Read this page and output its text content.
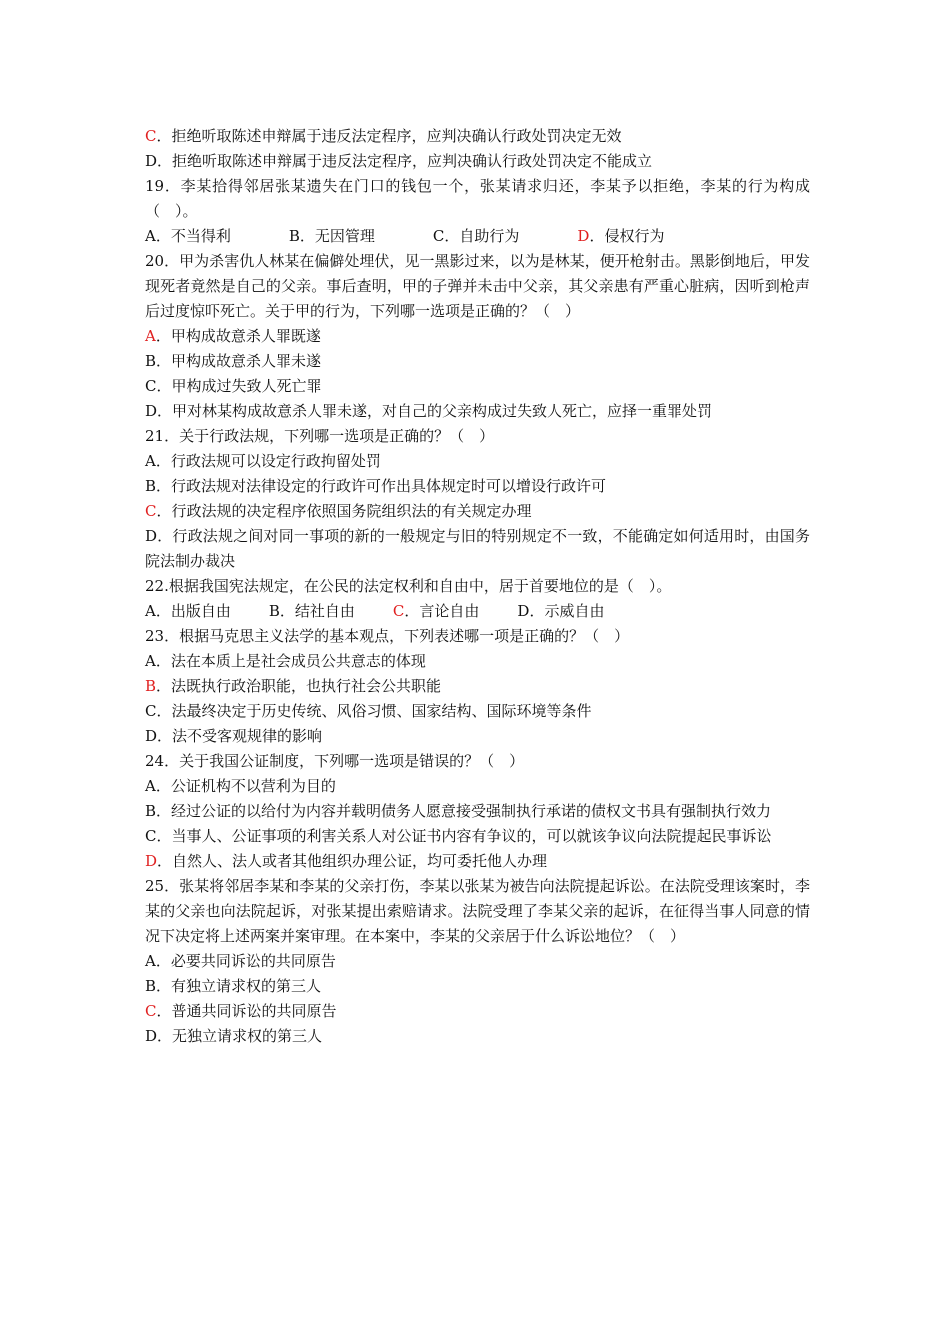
C．拒绝听取陈述申辩属于违反法定程序，应判决确认行政处罚决定无效
D．拒绝听取陈述申辩属于违反法定程序，应判决确认行政处罚决定不能成立
19．李某拾得邻居张某遗失在门口的钱包一个，张某请求归还，李某予以拒绝，李某的行为构成（　）。
A．不当得利	B．无因管理	C．自助行为	D．侵权行为
20．甲为杀害仇人林某在偏僻处埋伏，见一黑影过来，以为是林某，便开枪射击。黑影倒地后，甲发现死者竟然是自己的父亲。事后查明，甲的子弹并未击中父亲，其父亲患有严重心脏病，因听到枪声后过度惊吓死亡。关于甲的行为，下列哪一选项是正确的？（　）
A．甲构成故意杀人罪既遂
B．甲构成故意杀人罪未遂
C．甲构成过失致人死亡罪
D．甲对林某构成故意杀人罪未遂，对自己的父亲构成过失致人死亡，应择一重罪处罚
21．关于行政法规，下列哪一选项是正确的？（　）
A．行政法规可以设定行政拘留处罚
B．行政法规对法律设定的行政许可作出具体规定时可以增设行政许可
C．行政法规的决定程序依照国务院组织法的有关规定办理
D．行政法规之间对同一事项的新的一般规定与旧的特别规定不一致，不能确定如何适用时，由国务院法制办裁决
22.根据我国宪法规定，在公民的法定权利和自由中，居于首要地位的是（　）。
A．出版自由	B．结社自由	C．言论自由	D．示威自由
23．根据马克思主义法学的基本观点，下列表述哪一项是正确的？（　）
A．法在本质上是社会成员公共意志的体现
B．法既执行政治职能，也执行社会公共职能
C．法最终决定于历史传统、风俗习惯、国家结构、国际环境等条件
D．法不受客观规律的影响
24．关于我国公证制度，下列哪一选项是错误的？（　）
A．公证机构不以营利为目的
B．经过公证的以给付为内容并载明债务人愿意接受强制执行承诺的债权文书具有强制执行效力
C．当事人、公证事项的利害关系人对公证书内容有争议的，可以就该争议向法院提起民事诉讼
D．自然人、法人或者其他组织办理公证，均可委托他人办理
25．张某将邻居李某和李某的父亲打伤，李某以张某为被告向法院提起诉讼。在法院受理该案时，李某的父亲也向法院起诉，对张某提出索赔请求。法院受理了李某父亲的起诉，在征得当事人同意的情况下决定将上述两案并案审理。在本案中，李某的父亲居于什么诉讼地位？（　）
A．必要共同诉讼的共同原告
B．有独立请求权的第三人
C．普通共同诉讼的共同原告
D．无独立请求权的第三人
